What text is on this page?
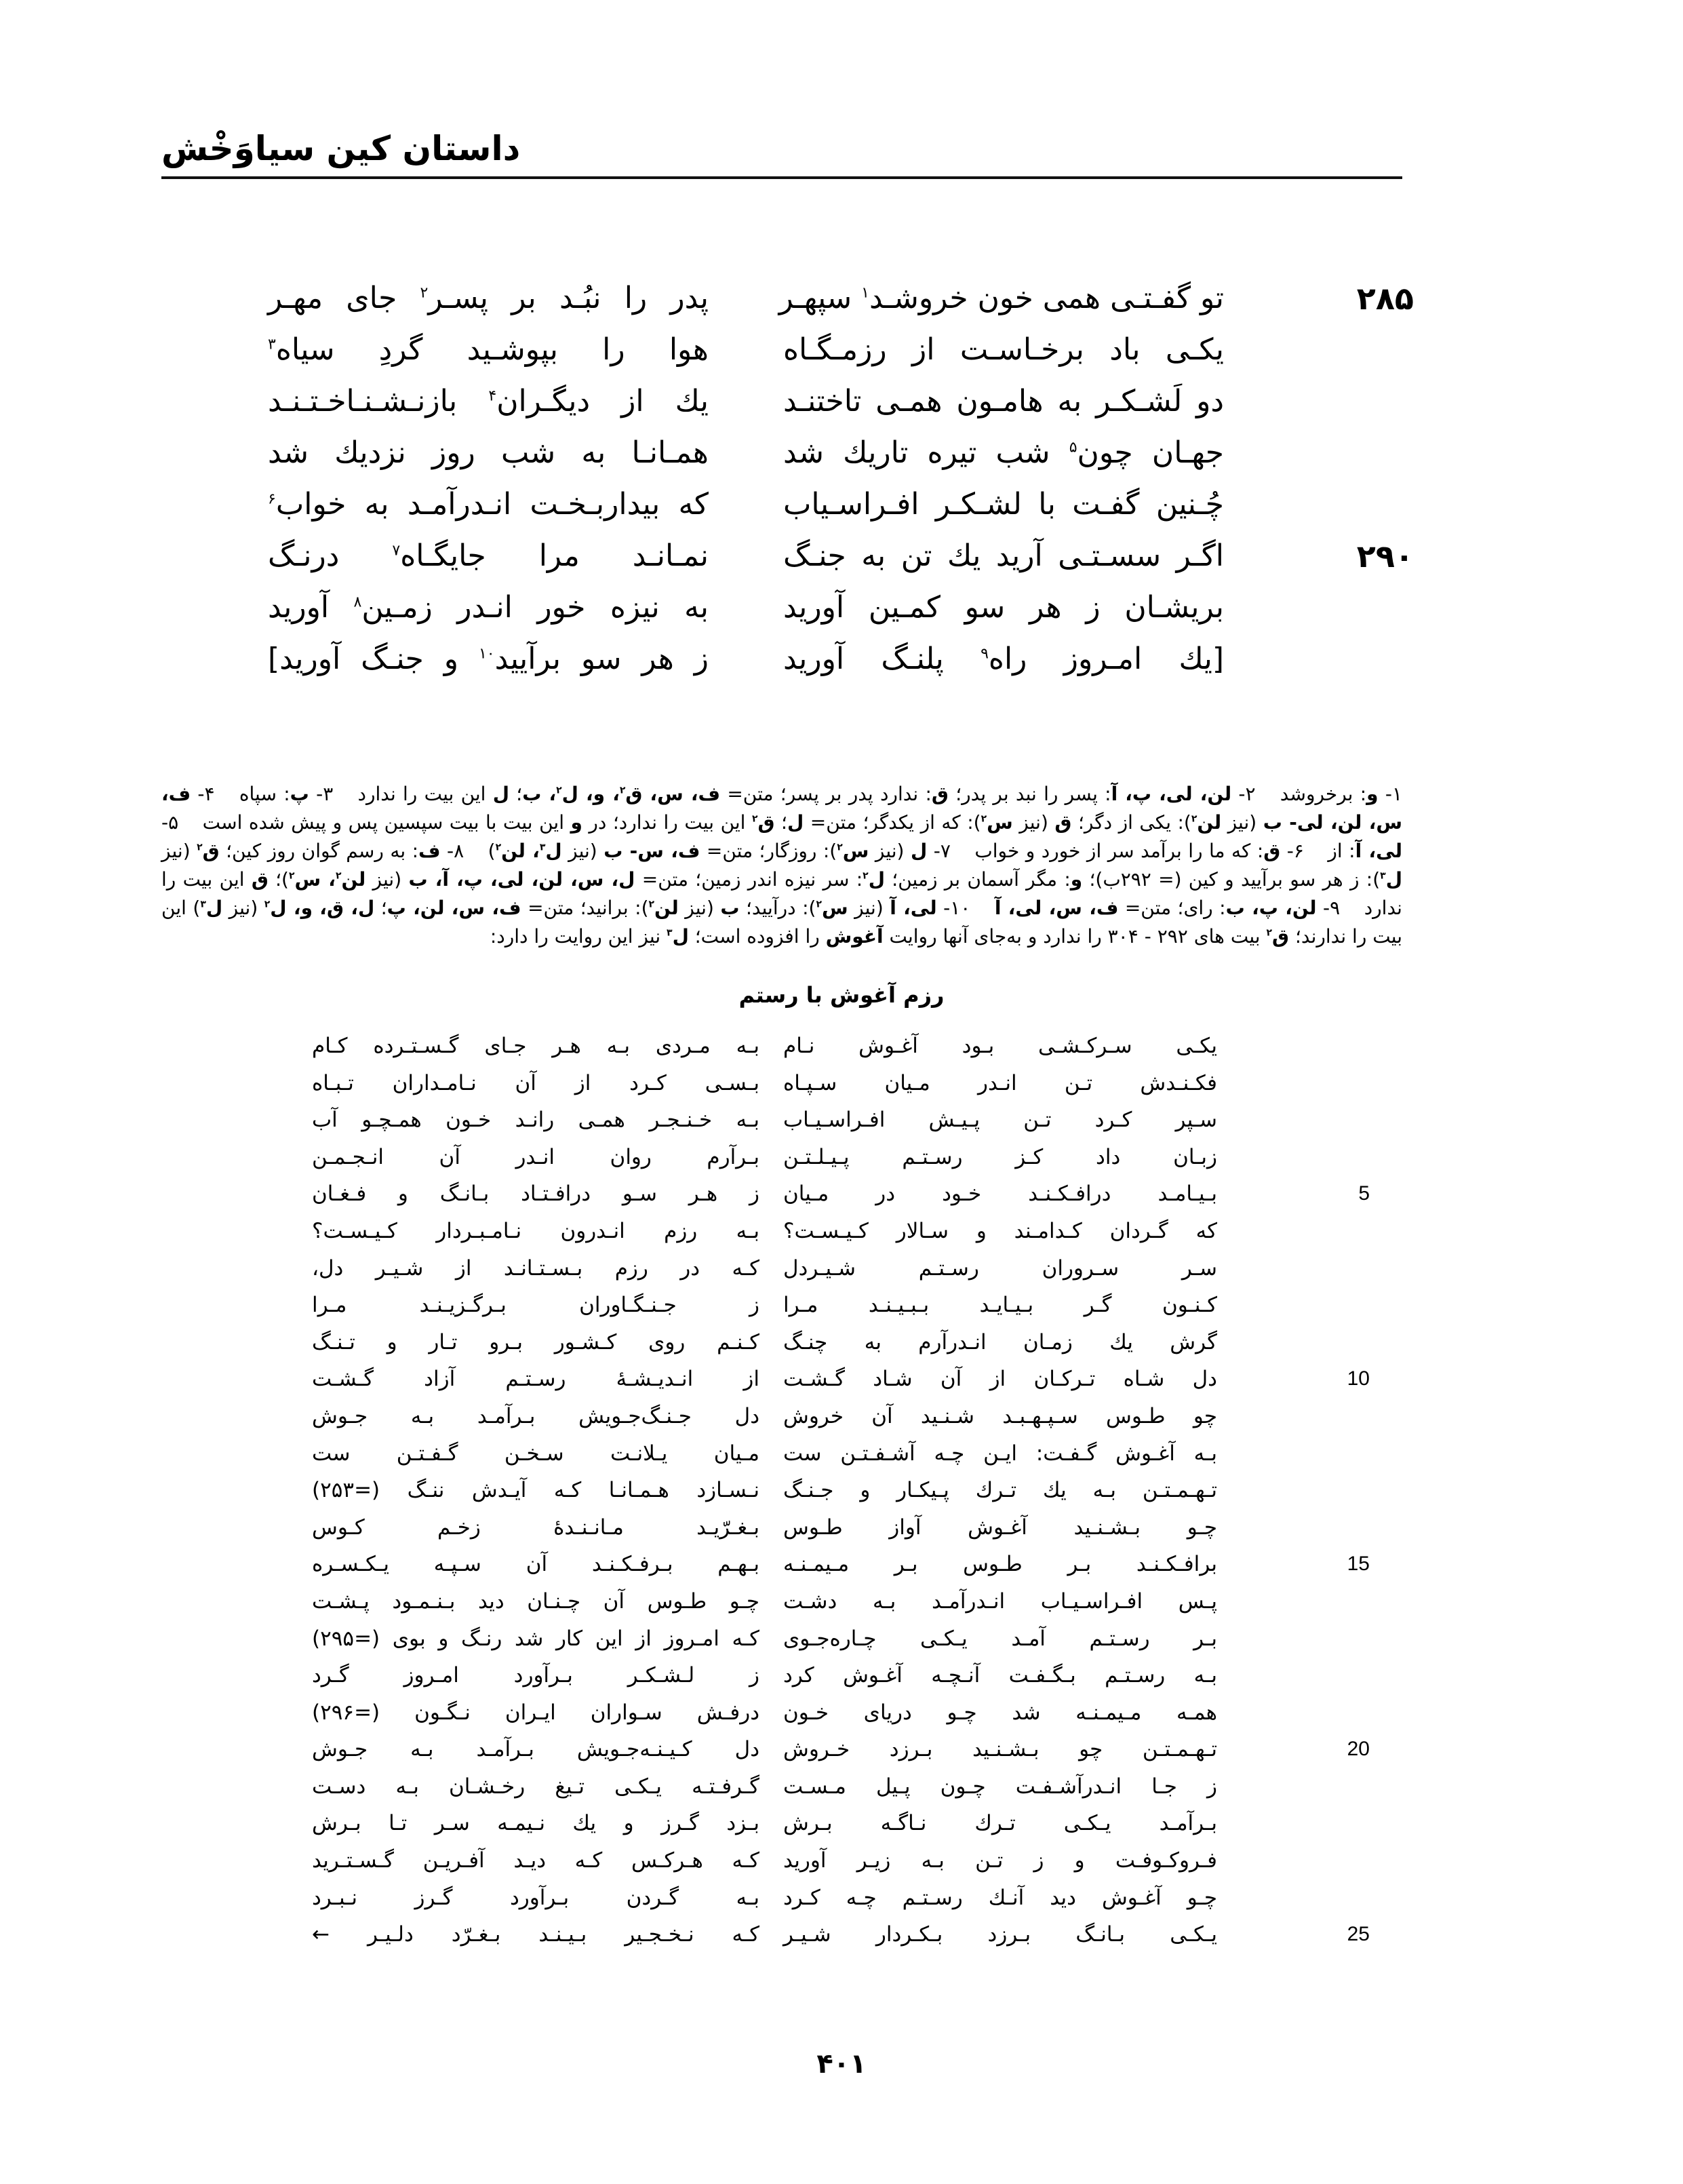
داستان کین سیاوَخْش
۲۸۵
تو گفـتـی همی خون خروشـد$^۱$ سپهـر
پدر را نبُـد بر پسـر$^۲$ جای مهـر
یکـی باد برخـاسـت از رزمـگـاه
هوا را بپوشـید گردِ سیاه$^۳$
دو لَشـکـر به هامـون همـی تاختنـد
یك از دیگـران$^۴$ بازنـشـنـاخـتـنـد
جهـان چون$^۵$ شب تیره تاریك شد
همـانـا به شب روز نزدیك شد
چُـنین گفـت با لشـکـر افـراسـیاب
که بیداربـخـت انـدرآمـد به خواب$^۶$
۲۹۰
اگـر سسـتـی آرید یك تن به جنـگ
نمـانـد مرا جایگـاه$^۷$ درنـگ
بریشـان ز هر سو کمـین آورید
به نیزه خور انـدر زمـین$^۸$ آورید
[یك امـروز راه$^۹$ پلنـگ آورید
ز هر سو برآیید$^{۱۰}$ و جنـگ آورید]
۱- و: برخروشد ۲- لن، لی، پ، آ: پسر را نبد بر پدر؛ ق: ندارد پدر بر پسر؛ متن= ف، س، ق$^۲$، و، ل$^۲$، ب؛ ل این بیت را ندارد ۳- پ: سپاه ۴- ف، س، لن، لی- ب (نیز لن$^۲$): یکی از دگر؛ ق (نیز س$^۲$): که از یکدگر؛ متن= ل؛ ق$^۲$ این بیت را ندارد؛ در و این بیت با بیت سپسین پس و پیش شده است ۵- لی، آ: از ۶- ق: که ما را برآمد سر از خورد و خواب ۷- ل (نیز س$^۲$): روزگار؛ متن= ف، س- ب (نیز ل$^۳$، لن$^۲$) ۸- ف: به رسم گوان روز کین؛ ق$^۲$ (نیز ل$^۳$): ز هر سو برآیید و کین (= ۲۹۲ب)؛ و: مگر آسمان بر زمین؛ ل$^۲$: سر نیزه اندر زمین؛ متن= ل، س، لن، لی، پ، آ، ب (نیز لن$^۲$، س$^۲$)؛ ق این بیت را ندارد ۹- لن، پ، ب: رای؛ متن= ف، س، لی، آ ۱۰- لی، آ (نیز س$^۲$): درآیید؛ ب (نیز لن$^۲$): برانید؛ متن= ف، س، لن، پ؛ ل، ق، و، ل$^۲$ (نیز ل$^۳$) این بیت را ندارند؛ ق$^۲$ بیت های ۲۹۲ - ۳۰۴ را ندارد و به‌جای آنها روایت آغوش را افزوده است؛ ل$^۳$ نیز این روایت را دارد:
رزم آغوش با رستم
یکـی سـرکـشـی بـود آغـوش نـام
بـه مـردی بـه هـر جـای گـسـتـرده کـام
فکـنـدش تـن انـدر مـیان سـپـاه
بـسـی کـرد از آن نـامـداران تـبـاه
سـپر کـرد تـن پـیـش افـراسـیـاب
بـه خـنـجـر همـی رانـد خـون همـچـو آب
زبـان داد کـز رسـتـم پـیـلـتـن
بـرآرم روان انـدر آن انـجـمـن
5
بـیـامـد درافـکـنـد خـود در مـیان
ز هـر سـو درافـتـاد بـانـگ و فـغـان
که گـردان کـدامـند و سـالار کـیـسـت؟
بـه رزم انـدرون نـامـبـردار کـیـسـت؟
سـر سـروران رسـتـم شـیـردل
کـه در رزم بـسـتـانـد از شـیـر دل،
کـنـون گـر بـیـایـد بـبـیـنـد مـرا
ز جـنـگـاوران بـرگـزیـنـد مـرا
گرش یك زمـان انـدرآرم به چنـگ
کـنـم روی کـشـور بـرو تـار و تـنـگ
10
دل شـاه تـرکـان از آن شـاد گـشـت
از انـدیـشـهٔ رسـتـم آزاد گـشـت
چو طـوس سـپـهـبـد شـنـید آن خروش
دل جـنـگ‌جـویش بـرآمـد بـه جـوش
بـه آغـوش گـفـت: ایـن چـه آشـفـتـن ست
مـیان یـلانـت سـخـن گـفـتـن ست
تـهـمـتـن بـه یك تـرك پـیکـار و جـنـگ
نـسـازد هـمـانـا کـه آیـدش ننـگ (=۲۵۳)
چـو بـشـنـید آغـوش آواز طـوس
بـغـرّیـد مـانـنـدهٔ زخـم کـوس
15
برافـکـنـد بـر طـوس بـر مـیمـنـه
بـهـم بـرفـکـنـد آن سـپـه یـکـسـره
پـس افـراسـیـاب انـدرآمـد بـه دشـت
چـو طـوس آن چـنـان دید بـنـمـود پـشـت
بـر رسـتـم آمـد یـکـی چـاره‌جـوی
کـه امـروز از این کار شد رنـگ و بوی (=۲۹۵)
بـه رسـتـم بـگـفـت آنـچـه آغـوش کرد
ز لـشـکـر بـرآورد امـروز گـرد
همـه مـیمـنـه شد چـو دریای خـون
درفـش سـواران ایـران نـگـون (=۲۹۶)
20
تـهـمـتـن چو بـشـنـید بـرزد خـروش
دل کـیـنـه‌جـویش بـرآمـد بـه جـوش
ز جـا انـدرآشـفـت چـون پـیل مـسـت
گـرفـتـه یـکـی تـیغ رخـشـان بـه دسـت
بـرآمـد یـکـی تـرك نـاگـه بـرش
بـزد گـرز و یك نـیمـه سـر تـا بـرش
فـروکـوفـت و ز تـن بـه زیـر آورید
کـه هـرکـس کـه دیـد آفـریـن گـسـتـرید
چـو آغـوش دید آنـك رسـتـم چـه کـرد
بـه گـردن بـرآورد گـرز نـبـرد
25
یـکـی بـانـگ بـرزد بـکـردار شـیـر
کـه نـخـجـیر بـیـنـد بـغـرّد دلـیـر ←
۴۰۱
